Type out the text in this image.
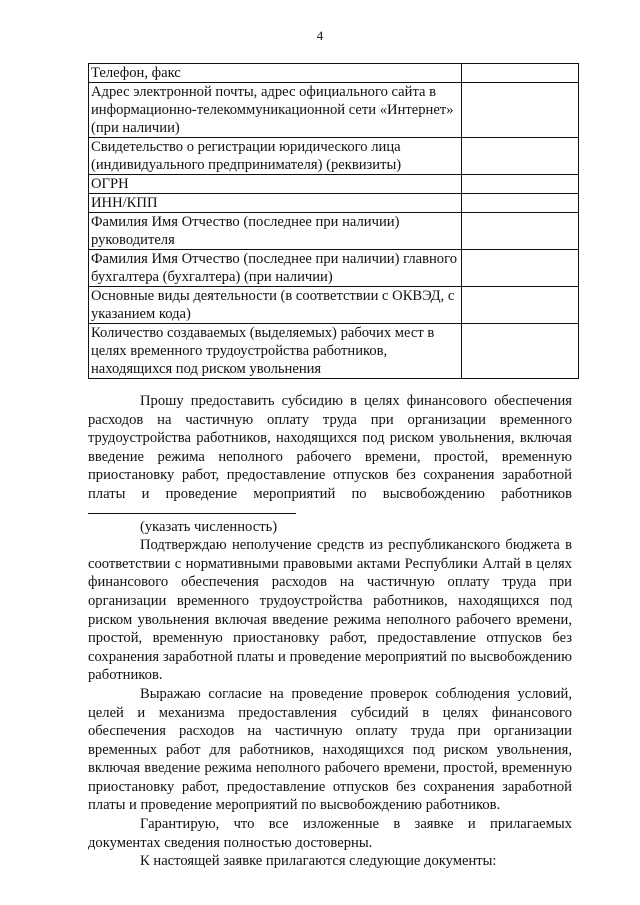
4
Телефон, факс	
Адрес электронной почты, адрес официального сайта в информационно-телекоммуникационной сети «Интернет» (при наличии)	
Свидетельство о регистрации юридического лица (индивидуального предпринимателя) (реквизиты)	
ОГРН	
ИНН/КПП	
Фамилия Имя Отчество (последнее при наличии) руководителя	
Фамилия Имя Отчество (последнее при наличии) главного бухгалтера (бухгалтера) (при наличии)	
Основные виды деятельности (в соответствии с ОКВЭД, с указанием кода)	
Количество создаваемых (выделяемых) рабочих мест в целях временного трудоустройства работников, находящихся под риском увольнения	

Прошу предоставить субсидию в целях финансового обеспечения расходов на частичную оплату труда при организации временного трудоустройства работников, находящихся под риском увольнения, включая введение режима неполного рабочего времени, простой, временную приостановку работ, предоставление отпусков без сохранения заработной платы и проведение мероприятий по высвобождению работников

(указать численность)

Подтверждаю неполучение средств из республиканского бюджета в соответствии с нормативными правовыми актами Республики Алтай в целях финансового обеспечения расходов на частичную оплату труда при организации временного трудоустройства работников, находящихся под риском увольнения включая введение режима неполного рабочего времени, простой, временную приостановку работ, предоставление отпусков без сохранения заработной платы и проведение мероприятий по высвобождению работников.

Выражаю согласие на проведение проверок соблюдения условий, целей и механизма предоставления субсидий в целях финансового обеспечения расходов на частичную оплату труда при организации временных работ для работников, находящихся под риском увольнения, включая введение режима неполного рабочего времени, простой, временную приостановку работ, предоставление отпусков без сохранения заработной платы и проведение мероприятий по высвобождению работников.

Гарантирую, что все изложенные в заявке и прилагаемых документах сведения полностью достоверны.

К настоящей заявке прилагаются следующие документы:
